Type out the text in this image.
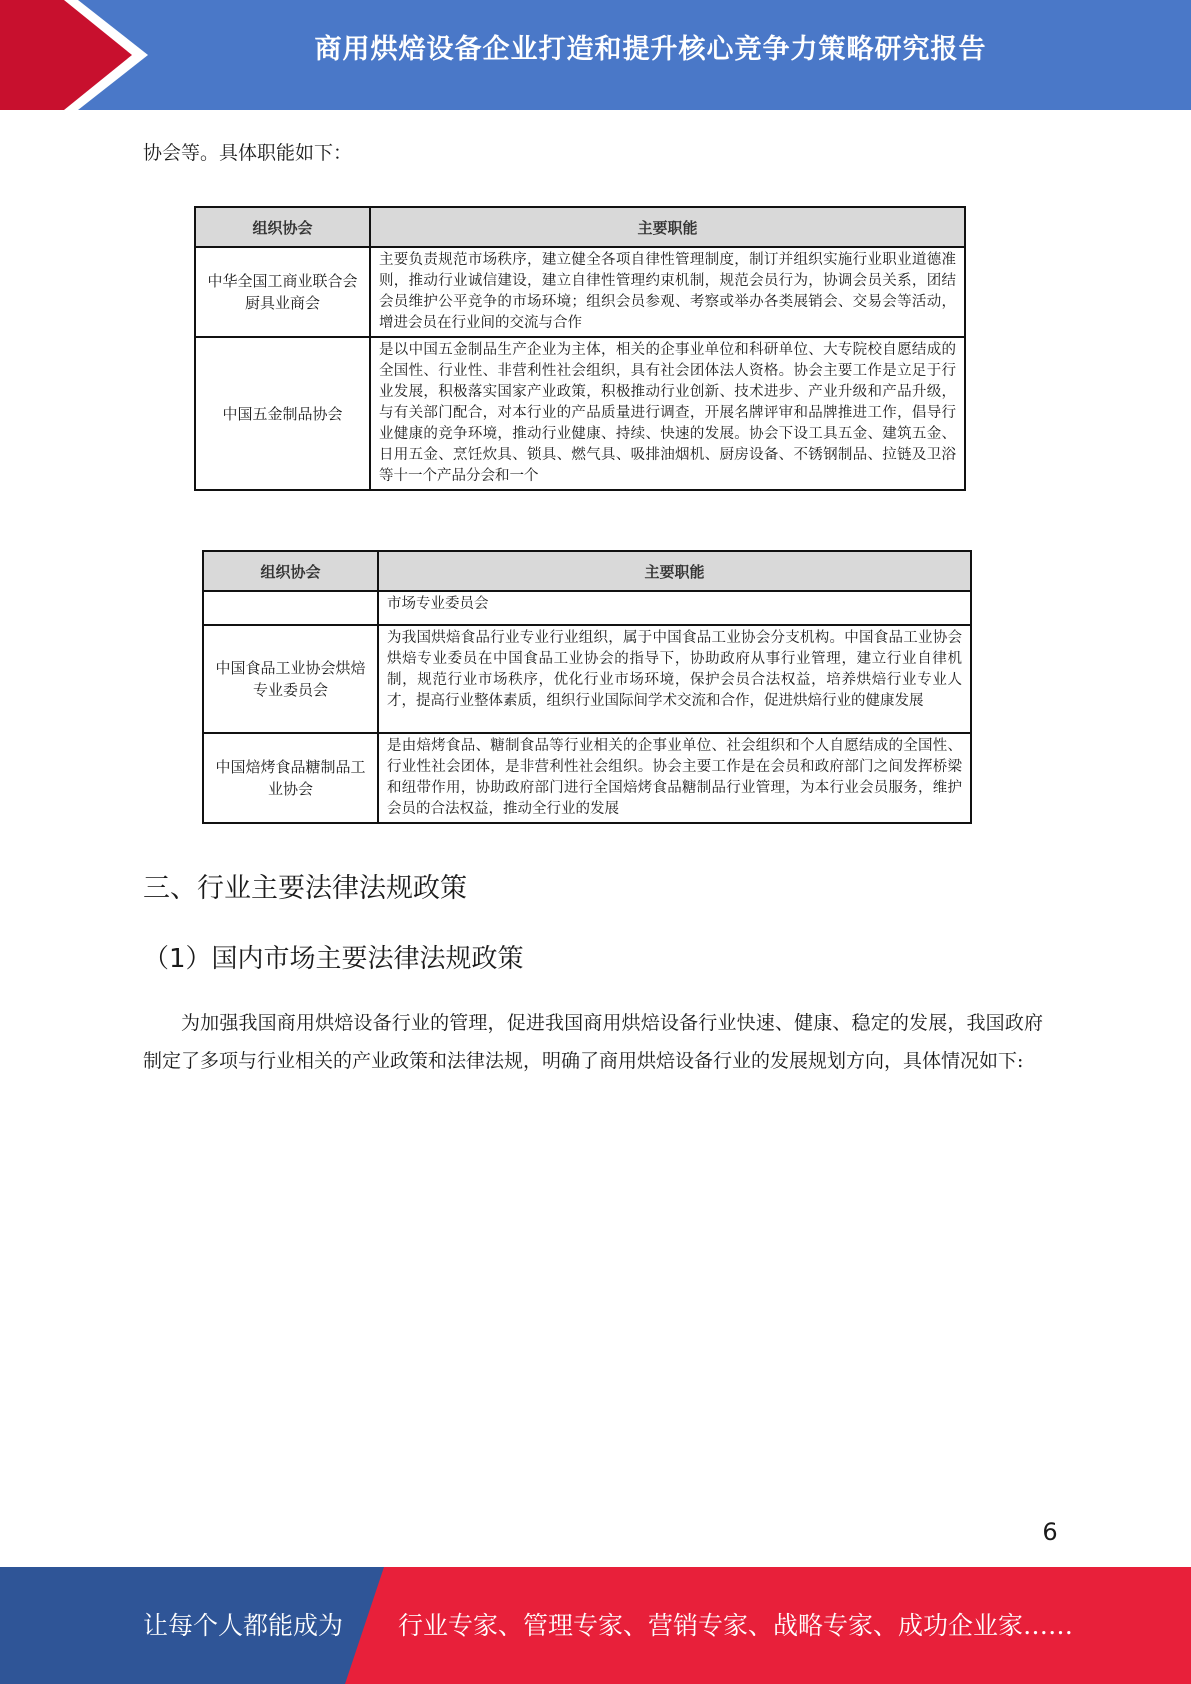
商用烘焙设备企业打造和提升核心竞争力策略研究报告
协会等。具体职能如下：
组织协会	主要职能
中华全国工商业联合会厨具业商会	主要负责规范市场秩序，建立健全各项自律性管理制度，制订并组织实施行业职业道德准则，推动行业诚信建设，建立自律性管理约束机制，规范会员行为，协调会员关系，团结会员维护公平竞争的市场环境；组织会员参观、考察或举办各类展销会、交易会等活动，增进会员在行业间的交流与合作
中国五金制品协会	是以中国五金制品生产企业为主体，相关的企事业单位和科研单位、大专院校自愿结成的全国性、行业性、非营利性社会组织，具有社会团体法人资格。协会主要工作是立足于行业发展，积极落实国家产业政策，积极推动行业创新、技术进步、产业升级和产品升级，与有关部门配合，对本行业的产品质量进行调查，开展名牌评审和品牌推进工作，倡导行业健康的竞争环境，推动行业健康、持续、快速的发展。协会下设工具五金、建筑五金、日用五金、烹饪炊具、锁具、燃气具、吸排油烟机、厨房设备、不锈钢制品、拉链及卫浴等十一个产品分会和一个
组织协会	主要职能
	市场专业委员会
中国食品工业协会烘焙专业委员会	为我国烘焙食品行业专业行业组织，属于中国食品工业协会分支机构。中国食品工业协会烘焙专业委员在中国食品工业协会的指导下，协助政府从事行业管理，建立行业自律机制，规范行业市场秩序，优化行业市场环境，保护会员合法权益，培养烘焙行业专业人才，提高行业整体素质，组织行业国际间学术交流和合作，促进烘焙行业的健康发展
中国焙烤食品糖制品工业协会	是由焙烤食品、糖制食品等行业相关的企事业单位、社会组织和个人自愿结成的全国性、行业性社会团体，是非营利性社会组织。协会主要工作是在会员和政府部门之间发挥桥梁和纽带作用，协助政府部门进行全国焙烤食品糖制品行业管理，为本行业会员服务，维护会员的合法权益，推动全行业的发展
三、行业主要法律法规政策
（1）国内市场主要法律法规政策
为加强我国商用烘焙设备行业的管理，促进我国商用烘焙设备行业快速、健康、稳定的发展，我国政府制定了多项与行业相关的产业政策和法律法规，明确了商用烘焙设备行业的发展规划方向，具体情况如下:
6
让每个人都能成为 行业专家、管理专家、营销专家、战略专家、成功企业家……
